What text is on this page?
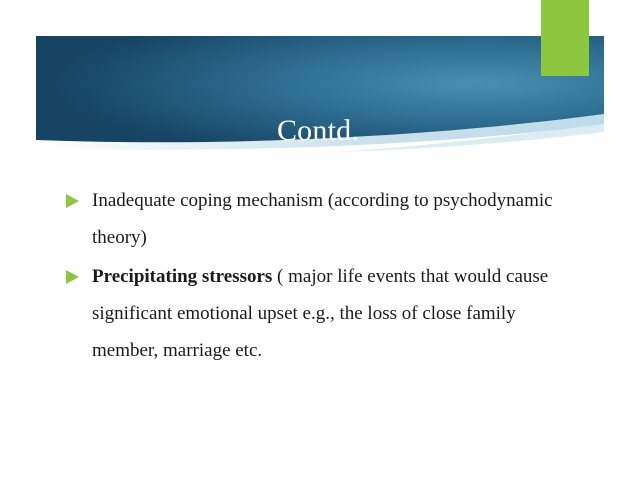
Contd.
Inadequate coping mechanism (according to psychodynamic theory)
Precipitating stressors ( major life events that would cause significant emotional upset e.g., the loss of close family member, marriage etc.
